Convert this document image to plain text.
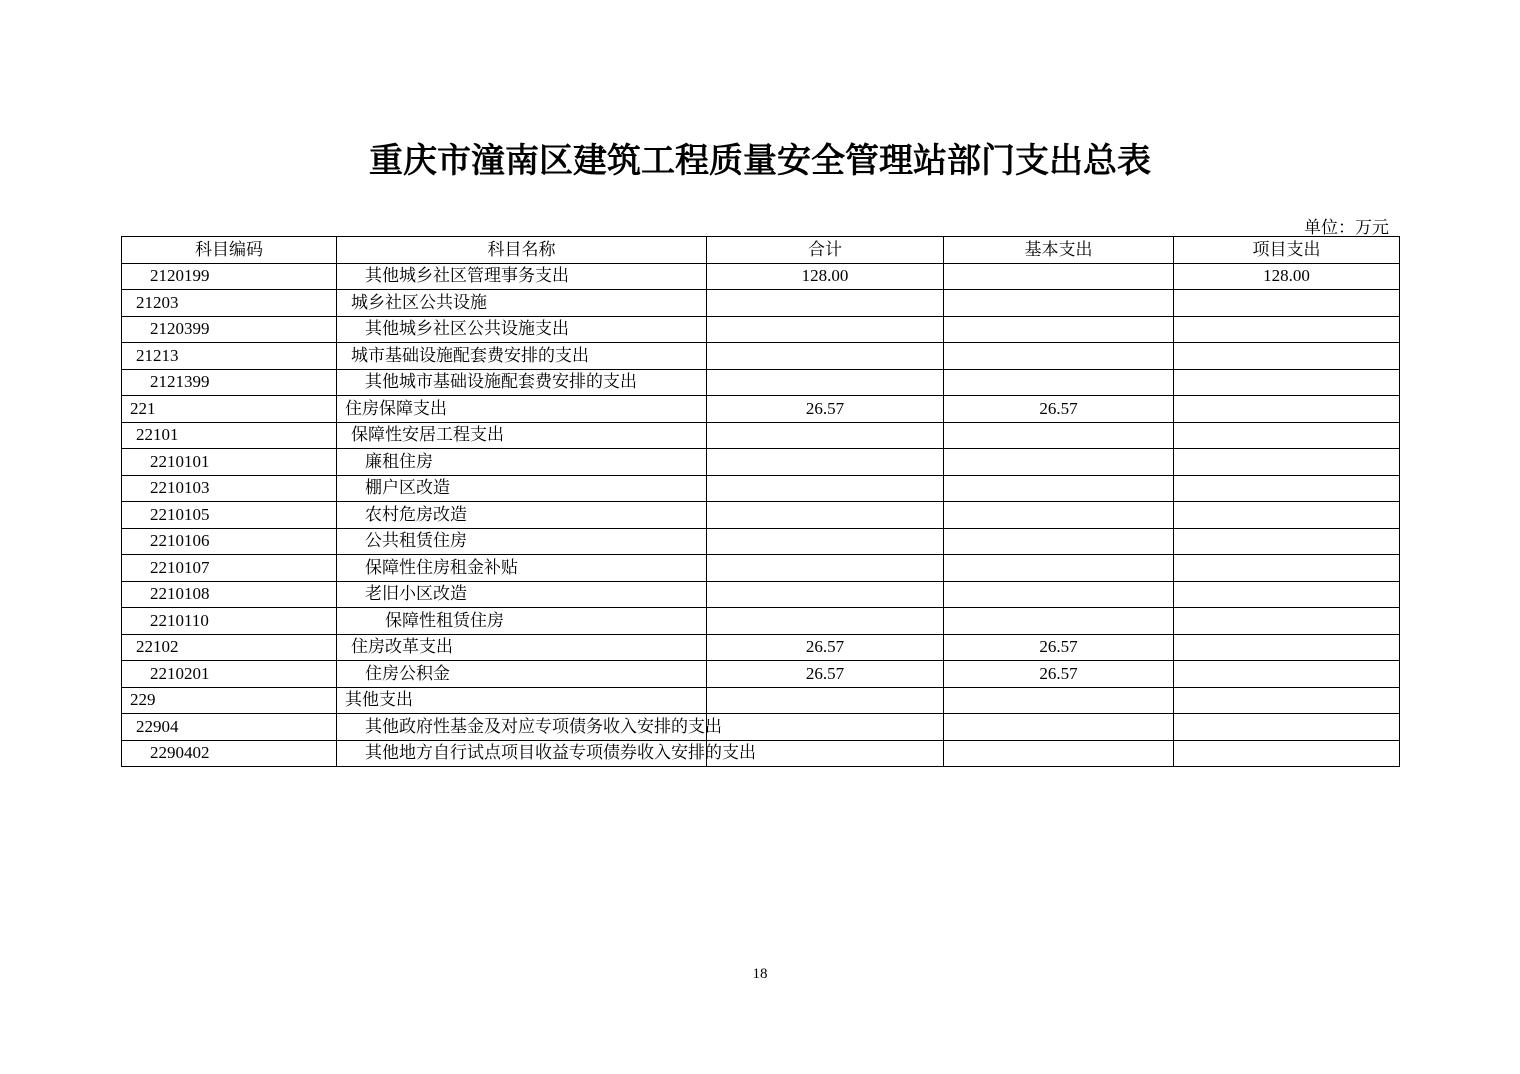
重庆市潼南区建筑工程质量安全管理站部门支出总表
单位：万元
科目编码	科目名称	合计	基本支出	项目支出
2120199	其他城乡社区管理事务支出	128.00		128.00
21203	城乡社区公共设施			
2120399	其他城乡社区公共设施支出			
21213	城市基础设施配套费安排的支出			
2121399	其他城市基础设施配套费安排的支出			
221	住房保障支出	26.57	26.57	
22101	保障性安居工程支出			
2210101	廉租住房			
2210103	棚户区改造			
2210105	农村危房改造			
2210106	公共租赁住房			
2210107	保障性住房租金补贴			
2210108	老旧小区改造			
2210110	保障性租赁住房			
22102	住房改革支出	26.57	26.57	
2210201	住房公积金	26.57	26.57	
229	其他支出			
22904	其他政府性基金及对应专项债务收入安排的支出			
2290402	其他地方自行试点项目收益专项债券收入安排的支出			
18
